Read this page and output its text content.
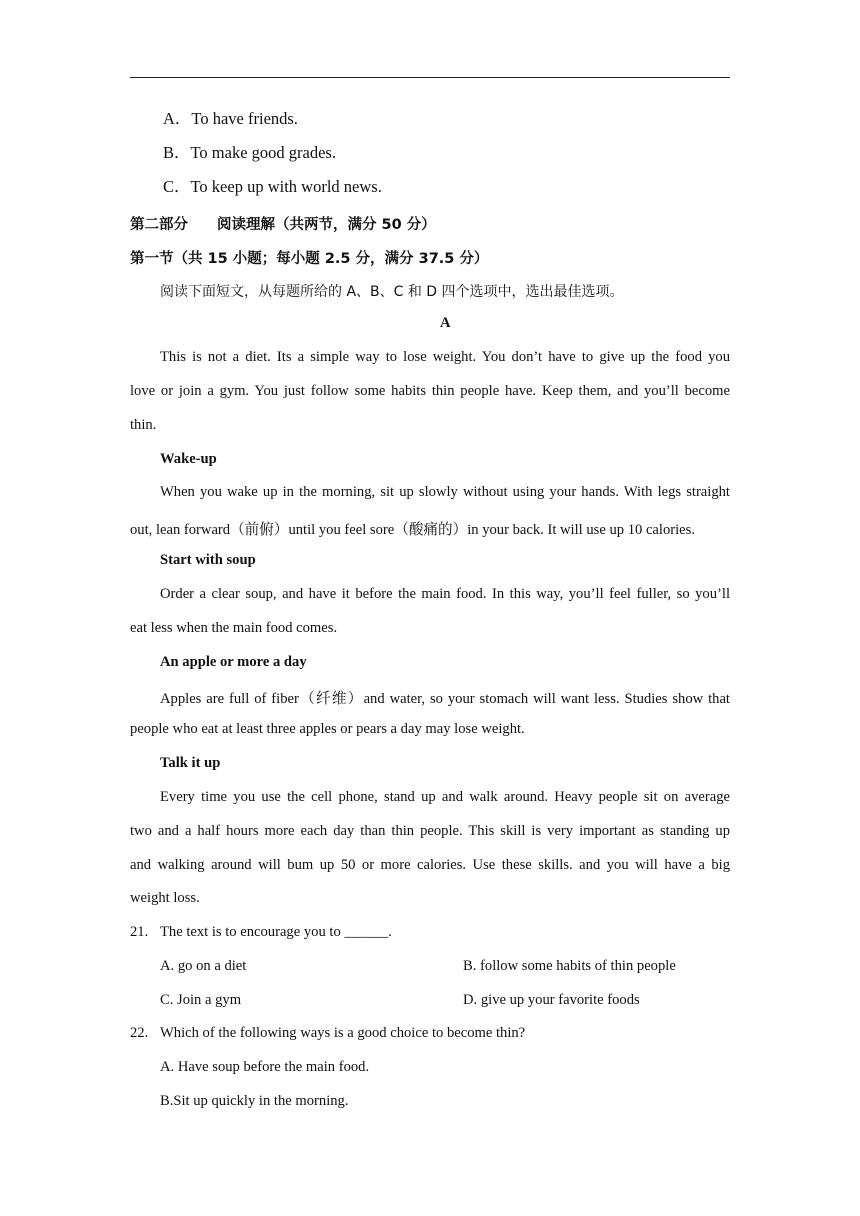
A．To have friends.
B．To make good grades.
C．To keep up with world news.
第二部分　　阅读理解（共两节，满分 50 分）
第一节（共 15 小题；每小题 2.5 分，满分 37.5 分）
阅读下面短文，从每题所给的 A、B、C 和 D 四个选项中，选出最佳选项。
A
This is not a diet. Its a simple way to lose weight. You don’t have to give up the food you
love or join a gym. You just follow some habits thin people have. Keep them, and you’ll become
thin.
Wake-up
When you wake up in the morning, sit up slowly without using your hands. With legs straight
out, lean forward（前俯）until you feel sore（酸痛的）in your back. It will use up 10 calories.
Start with soup
Order a clear soup, and have it before the main food. In this way, you’ll feel fuller, so you’ll
eat less when the main food comes.
An apple or more a day
Apples are full of fiber（纤维）and water, so your stomach will want less. Studies show that
people who eat at least three apples or pears a day may lose weight.
Talk it up
Every time you use the cell phone, stand up and walk around. Heavy people sit on average
two and a half hours more each day than thin people. This skill is very important as standing up
and walking around will bum up 50 or more calories. Use these skills. and you will have a big
weight loss.
21. The text is to encourage you to ______.
A. go on a diet	B. follow some habits of thin people
C. Join a gym	D. give up your favorite foods
22. Which of the following ways is a good choice to become thin?
A. Have soup before the main food.
B.Sit up quickly in the morning.
